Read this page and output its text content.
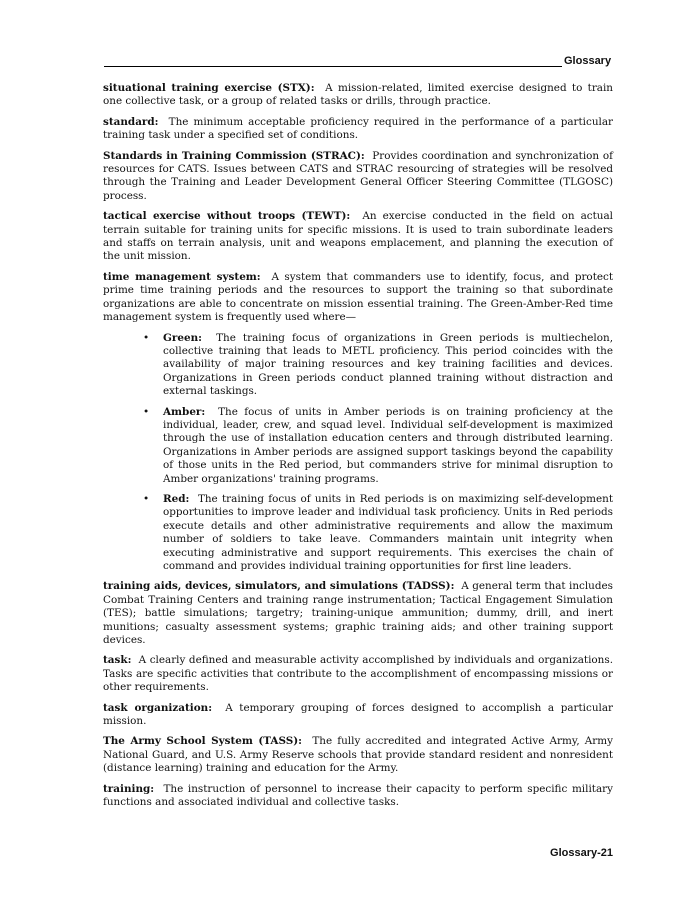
Glossary

situational training exercise (STX): A mission-related, limited exercise designed to train one collective task, or a group of related tasks or drills, through practice.

standard: The minimum acceptable proficiency required in the performance of a particular training task under a specified set of conditions.

Standards in Training Commission (STRAC): Provides coordination and synchronization of resources for CATS. Issues between CATS and STRAC resourcing of strategies will be resolved through the Training and Leader Development General Officer Steering Committee (TLGOSC) process.

tactical exercise without troops (TEWT): An exercise conducted in the field on actual terrain suitable for training units for specific missions. It is used to train subordinate leaders and staffs on terrain analysis, unit and weapons emplacement, and planning the execution of the unit mission.

time management system: A system that commanders use to identify, focus, and protect prime time training periods and the resources to support the training so that subordinate organizations are able to concentrate on mission essential training. The Green-Amber-Red time management system is frequently used where—

• Green: The training focus of organizations in Green periods is multiechelon, collective training that leads to METL proficiency. This period coincides with the availability of major training resources and key training facilities and devices. Organizations in Green periods conduct planned training without distraction and external taskings.
• Amber: The focus of units in Amber periods is on training proficiency at the individual, leader, crew, and squad level. Individual self-development is maximized through the use of installation education centers and through distributed learning. Organizations in Amber periods are assigned support taskings beyond the capability of those units in the Red period, but commanders strive for minimal disruption to Amber organizations' training programs.
• Red: The training focus of units in Red periods is on maximizing self-development opportunities to improve leader and individual task proficiency. Units in Red periods execute details and other administrative requirements and allow the maximum number of soldiers to take leave. Commanders maintain unit integrity when executing administrative and support requirements. This exercises the chain of command and provides individual training opportunities for first line leaders.

training aids, devices, simulators, and simulations (TADSS): A general term that includes Combat Training Centers and training range instrumentation; Tactical Engagement Simulation (TES); battle simulations; targetry; training-unique ammunition; dummy, drill, and inert munitions; casualty assessment systems; graphic training aids; and other training support devices.

task: A clearly defined and measurable activity accomplished by individuals and organizations. Tasks are specific activities that contribute to the accomplishment of encompassing missions or other requirements.

task organization: A temporary grouping of forces designed to accomplish a particular mission.

The Army School System (TASS): The fully accredited and integrated Active Army, Army National Guard, and U.S. Army Reserve schools that provide standard resident and nonresident (distance learning) training and education for the Army.

training: The instruction of personnel to increase their capacity to perform specific military functions and associated individual and collective tasks.

Glossary-21
